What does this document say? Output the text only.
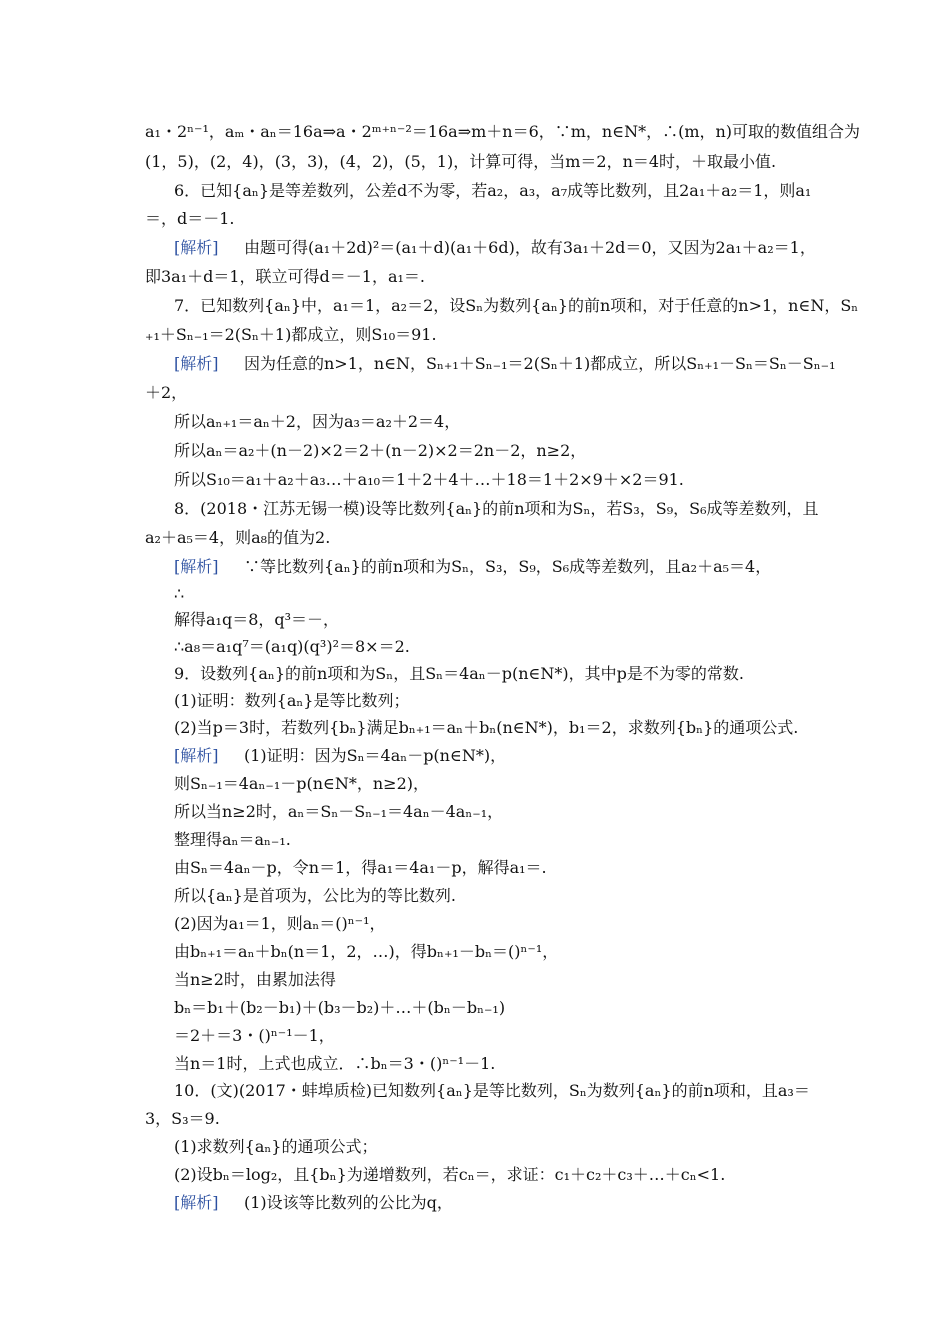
a₁・2ⁿ⁻¹，aₘ・aₙ＝16a⇒a・2ᵐ⁺ⁿ⁻²＝16a⇒m＋n＝6，∵m，n∈N*，∴(m，n)可取的数值组合为
(1，5)，(2，4)，(3，3)，(4，2)，(5，1)，计算可得，当m＝2，n＝4时，＋取最小值.
6．已知{aₙ}是等差数列，公差d不为零，若a₂，a₃，a₇成等比数列，且2a₁＋a₂＝1，则a₁
＝，d＝－1.
[解析] 由题可得(a₁＋2d)²＝(a₁＋d)(a₁＋6d)，故有3a₁＋2d＝0，又因为2a₁＋a₂＝1，
即3a₁＋d＝1，联立可得d＝－1，a₁＝.
7．已知数列{aₙ}中，a₁＝1，a₂＝2，设Sₙ为数列{aₙ}的前n项和，对于任意的n>1，n∈N，Sₙ
₊₁＋Sₙ₋₁＝2(Sₙ＋1)都成立，则S₁₀＝91.
[解析] 因为任意的n>1，n∈N，Sₙ₊₁＋Sₙ₋₁＝2(Sₙ＋1)都成立，所以Sₙ₊₁－Sₙ＝Sₙ－Sₙ₋₁
＋2，
所以aₙ₊₁＝aₙ＋2，因为a₃＝a₂＋2＝4，
所以aₙ＝a₂＋(n－2)×2＝2＋(n－2)×2＝2n－2，n≥2，
所以S₁₀＝a₁＋a₂＋a₃…＋a₁₀＝1＋2＋4＋…＋18＝1＋2×9＋×2＝91.
8．(2018・江苏无锡一模)设等比数列{aₙ}的前n项和为Sₙ，若S₃，S₉，S₆成等差数列，且
a₂＋a₅＝4，则a₈的值为2.
[解析] ∵等比数列{aₙ}的前n项和为Sₙ，S₃，S₉，S₆成等差数列，且a₂＋a₅＝4，
∴
解得a₁q＝8，q³＝－，
∴a₈＝a₁q⁷＝(a₁q)(q³)²＝8×＝2.
9．设数列{aₙ}的前n项和为Sₙ，且Sₙ＝4aₙ－p(n∈N*)，其中p是不为零的常数.
(1)证明：数列{aₙ}是等比数列；
(2)当p＝3时，若数列{bₙ}满足bₙ₊₁＝aₙ＋bₙ(n∈N*)，b₁＝2，求数列{bₙ}的通项公式.
[解析] (1)证明：因为Sₙ＝4aₙ－p(n∈N*)，
则Sₙ₋₁＝4aₙ₋₁－p(n∈N*，n≥2)，
所以当n≥2时，aₙ＝Sₙ－Sₙ₋₁＝4aₙ－4aₙ₋₁，
整理得aₙ＝aₙ₋₁.
由Sₙ＝4aₙ－p，令n＝1，得a₁＝4a₁－p，解得a₁＝.
所以{aₙ}是首项为，公比为的等比数列.
(2)因为a₁＝1，则aₙ＝()ⁿ⁻¹，
由bₙ₊₁＝aₙ＋bₙ(n＝1，2，…)，得bₙ₊₁－bₙ＝()ⁿ⁻¹，
当n≥2时，由累加法得
bₙ＝b₁＋(b₂－b₁)＋(b₃－b₂)＋…＋(bₙ－bₙ₋₁)
＝2＋＝3・()ⁿ⁻¹－1，
当n＝1时，上式也成立．∴bₙ＝3・()ⁿ⁻¹－1.
10．(文)(2017・蚌埠质检)已知数列{aₙ}是等比数列，Sₙ为数列{aₙ}的前n项和，且a₃＝
3，S₃＝9.
(1)求数列{aₙ}的通项公式；
(2)设bₙ＝log₂，且{bₙ}为递增数列，若cₙ＝，求证：c₁＋c₂＋c₃＋…＋cₙ<1.
[解析] (1)设该等比数列的公比为q，
